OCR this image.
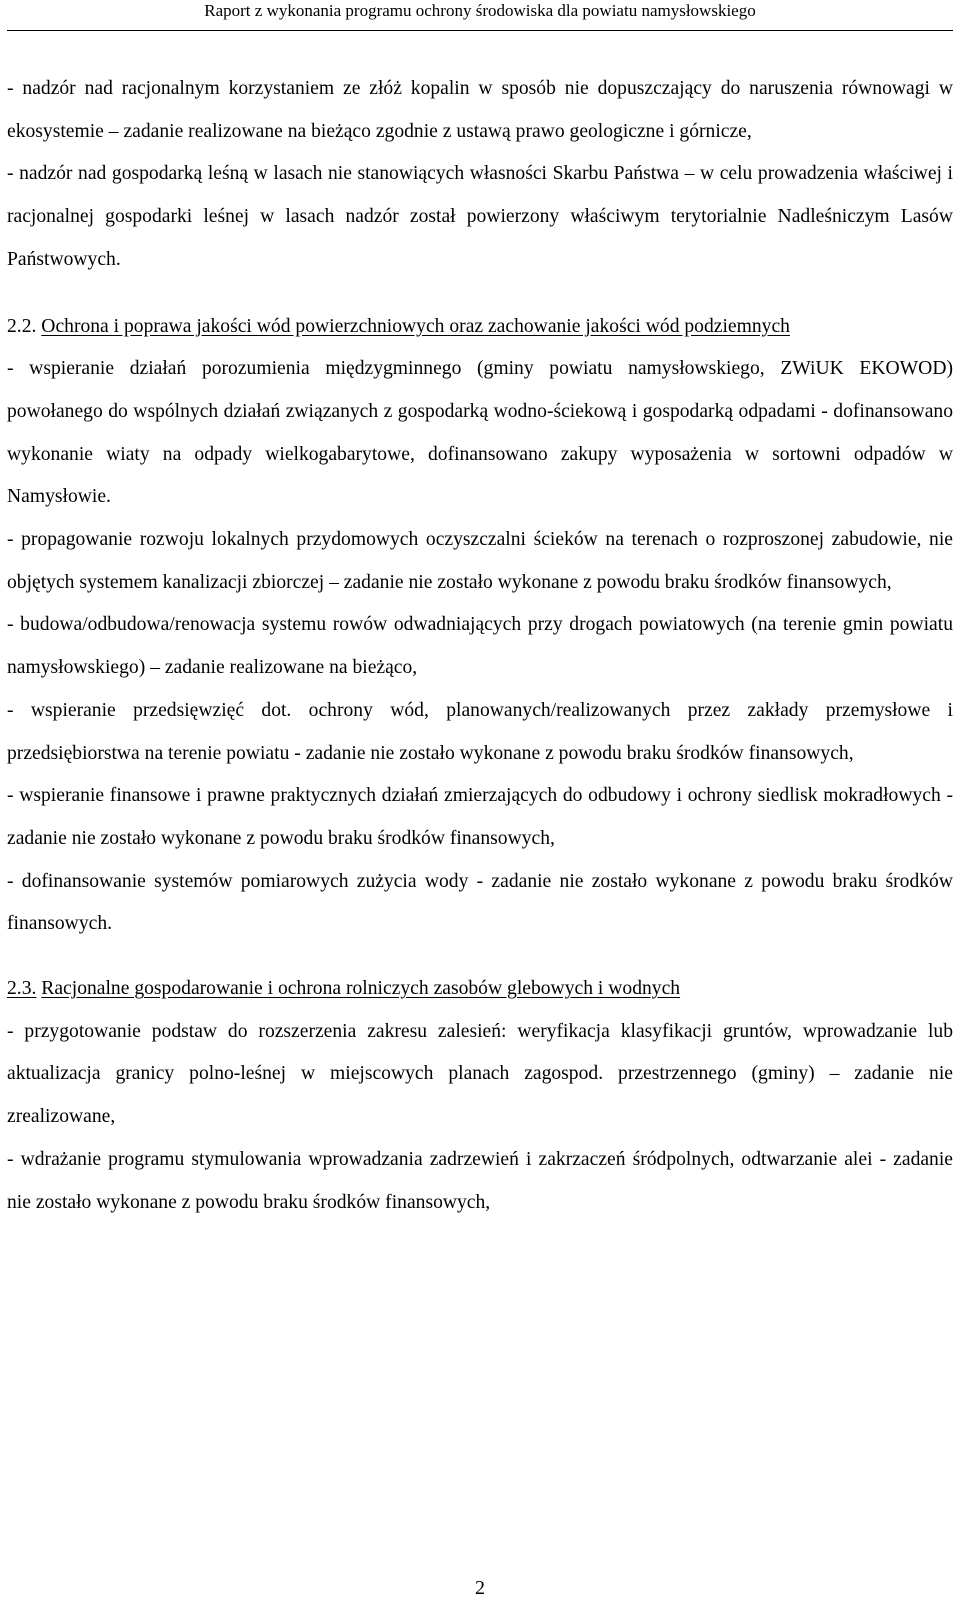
Raport z wykonania programu ochrony środowiska dla powiatu namysłowskiego

- nadzór nad racjonalnym korzystaniem ze złóż kopalin w sposób nie dopuszczający do naruszenia równowagi w ekosystemie – zadanie realizowane na bieżąco zgodnie z ustawą prawo geologiczne i górnicze,

- nadzór nad gospodarką leśną w lasach nie stanowiących własności Skarbu Państwa – w celu prowadzenia właściwej i racjonalnej gospodarki leśnej w lasach nadzór został powierzony właściwym terytorialnie Nadleśniczym Lasów Państwowych.

2.2. Ochrona i poprawa jakości wód powierzchniowych oraz zachowanie jakości wód podziemnych

- wspieranie działań porozumienia międzygminnego (gminy powiatu namysłowskiego, ZWiUK EKOWOD) powołanego do wspólnych działań związanych z gospodarką wodno-ściekową i gospodarką odpadami - dofinansowano wykonanie wiaty na odpady wielkogabarytowe, dofinansowano zakupy wyposażenia w sortowni odpadów w Namysłowie.

- propagowanie rozwoju lokalnych przydomowych oczyszczalni ścieków na terenach o rozproszonej zabudowie, nie objętych systemem kanalizacji zbiorczej – zadanie nie zostało wykonane z powodu braku środków finansowych,

- budowa/odbudowa/renowacja systemu rowów odwadniających przy drogach powiatowych (na terenie gmin powiatu namysłowskiego) – zadanie realizowane na bieżąco,

- wspieranie przedsięwzięć dot. ochrony wód, planowanych/realizowanych przez zakłady przemysłowe i przedsiębiorstwa na terenie powiatu - zadanie nie zostało wykonane z powodu braku środków finansowych,

- wspieranie finansowe i prawne praktycznych działań zmierzających do odbudowy i ochrony siedlisk mokradłowych - zadanie nie zostało wykonane z powodu braku środków finansowych,

- dofinansowanie systemów pomiarowych zużycia wody - zadanie nie zostało wykonane z powodu braku środków finansowych.

2.3. Racjonalne gospodarowanie i ochrona rolniczych zasobów glebowych i wodnych

- przygotowanie podstaw do rozszerzenia zakresu zalesień: weryfikacja klasyfikacji gruntów, wprowadzanie lub aktualizacja granicy polno-leśnej w miejscowych planach zagospod. przestrzennego (gminy) – zadanie nie zrealizowane,

- wdrażanie programu stymulowania wprowadzania zadrzewień i zakrzaczeń śródpolnych, odtwarzanie alei - zadanie nie zostało wykonane z powodu braku środków finansowych,

2
